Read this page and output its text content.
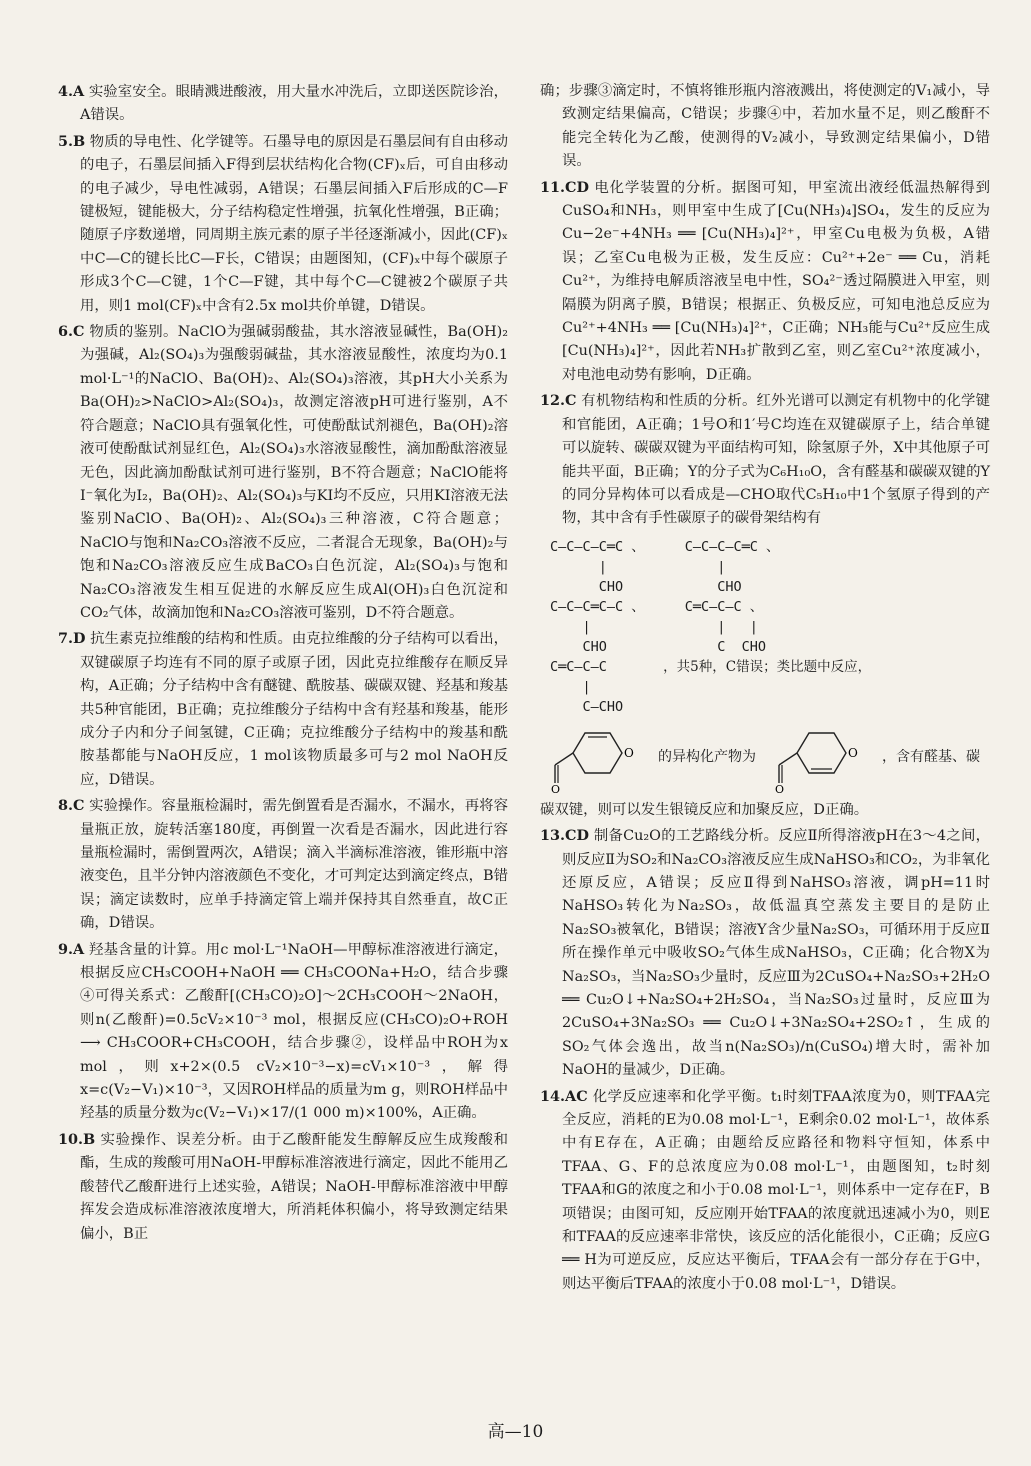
4.A 实验室安全。眼睛溅进酸液，用大量水冲洗后，立即送医院诊治，A错误。

5.B 物质的导电性、化学键等。石墨导电的原因是石墨层间有自由移动的电子，石墨层间插入F得到层状结构化合物(CF)ₓ后，可自由移动的电子减少，导电性减弱，A错误；石墨层间插入F后形成的C—F键极短，键能极大，分子结构稳定性增强，抗氧化性增强，B正确；随原子序数递增，同周期主族元素的原子半径逐渐减小，因此(CF)ₓ中C—C的键长比C—F长，C错误；由题图知，(CF)ₓ中每个碳原子形成3个C—C键，1个C—F键，其中每个C—C键被2个碳原子共用，则1 mol(CF)ₓ中含有2.5x mol共价单键，D错误。

6.C 物质的鉴别。NaClO为强碱弱酸盐，其水溶液显碱性，Ba(OH)₂为强碱，Al₂(SO₄)₃为强酸弱碱盐，其水溶液显酸性，浓度均为0.1 mol·L⁻¹的NaClO、Ba(OH)₂、Al₂(SO₄)₃溶液，其pH大小关系为Ba(OH)₂>NaClO>Al₂(SO₄)₃，故测定溶液pH可进行鉴别，A不符合题意；NaClO具有强氧化性，可使酚酞试剂褪色，Ba(OH)₂溶液可使酚酞试剂显红色，Al₂(SO₄)₃水溶液显酸性，滴加酚酞溶液显无色，因此滴加酚酞试剂可进行鉴别，B不符合题意；NaClO能将I⁻氧化为I₂，Ba(OH)₂、Al₂(SO₄)₃与KI均不反应，只用KI溶液无法鉴别NaClO、Ba(OH)₂、Al₂(SO₄)₃三种溶液，C符合题意；NaClO与饱和Na₂CO₃溶液不反应，二者混合无现象，Ba(OH)₂与饱和Na₂CO₃溶液反应生成BaCO₃白色沉淀，Al₂(SO₄)₃与饱和Na₂CO₃溶液发生相互促进的水解反应生成Al(OH)₃白色沉淀和CO₂气体，故滴加饱和Na₂CO₃溶液可鉴别，D不符合题意。

7.D 抗生素克拉维酸的结构和性质。由克拉维酸的分子结构可以看出，双键碳原子均连有不同的原子或原子团，因此克拉维酸存在顺反异构，A正确；分子结构中含有醚键、酰胺基、碳碳双键、羟基和羧基共5种官能团，B正确；克拉维酸分子结构中含有羟基和羧基，能形成分子内和分子间氢键，C正确；克拉维酸分子结构中的羧基和酰胺基都能与NaOH反应，1 mol该物质最多可与2 mol NaOH反应，D错误。

8.C 实验操作。容量瓶检漏时，需先倒置看是否漏水，不漏水，再将容量瓶正放，旋转活塞180度，再倒置一次看是否漏水，因此进行容量瓶检漏时，需倒置两次，A错误；滴入半滴标准溶液，锥形瓶中溶液变色，且半分钟内溶液颜色不变化，才可判定达到滴定终点，B错误；滴定读数时，应单手持滴定管上端并保持其自然垂直，故C正确，D错误。

9.A 羟基含量的计算。用c mol·L⁻¹NaOH—甲醇标准溶液进行滴定，根据反应CH₃COOH+NaOH ══ CH₃COONa+H₂O，结合步骤④可得关系式：乙酸酐[(CH₃CO)₂O]～2CH₃COOH～2NaOH，则n(乙酸酐)=0.5cV₂×10⁻³ mol，根据反应(CH₃CO)₂O+ROH ⟶ CH₃COOR+CH₃COOH，结合步骤②，设样品中ROH为x mol，则x+2×(0.5 cV₂×10⁻³−x)=cV₁×10⁻³，解得x=c(V₂−V₁)×10⁻³，又因ROH样品的质量为m g，则ROH样品中羟基的质量分数为c(V₂−V₁)×17/(1 000 m)×100%，A正确。

10.B 实验操作、误差分析。由于乙酸酐能发生醇解反应生成羧酸和酯，生成的羧酸可用NaOH-甲醇标准溶液进行滴定，因此不能用乙酸替代乙酸酐进行上述实验，A错误；NaOH-甲醇标准溶液中甲醇挥发会造成标准溶液浓度增大，所消耗体积偏小，将导致测定结果偏小，B正

确；步骤③滴定时，不慎将锥形瓶内溶液溅出，将使测定的V₁减小，导致测定结果偏高，C错误；步骤④中，若加水量不足，则乙酸酐不能完全转化为乙酸，使测得的V₂减小，导致测定结果偏小，D错误。

11.CD 电化学装置的分析。据图可知，甲室流出液经低温热解得到CuSO₄和NH₃，则甲室中生成了[Cu(NH₃)₄]SO₄，发生的反应为Cu−2e⁻+4NH₃ ══ [Cu(NH₃)₄]²⁺，甲室Cu电极为负极，A错误；乙室Cu电极为正极，发生反应：Cu²⁺+2e⁻ ══ Cu，消耗Cu²⁺，为维持电解质溶液呈电中性，SO₄²⁻透过隔膜进入甲室，则隔膜为阴离子膜，B错误；根据正、负极反应，可知电池总反应为Cu²⁺+4NH₃ ══ [Cu(NH₃)₄]²⁺，C正确；NH₃能与Cu²⁺反应生成[Cu(NH₃)₄]²⁺，因此若NH₃扩散到乙室，则乙室Cu²⁺浓度减小，对电池电动势有影响，D正确。

12.C 有机物结构和性质的分析。红外光谱可以测定有机物中的化学键和官能团，A正确；1号O和1′号C均连在双键碳原子上，结合单键可以旋转、碳碳双键为平面结构可知，除氢原子外，X中其他原子可能共平面，B正确；Y的分子式为C₆H₁₀O，含有醛基和碳碳双键的Y的同分异构体可以看成是—CHO取代C₅H₁₀中1个氢原子得到的产物，其中含有手性碳原子的碳骨架结构有

C—C—C—C═C 、
|
CHO
C—C—C—C═C 、
|
CHO
C—C—C═C—C 、
|
CHO
C═C—C—C 、
|   |
C  CHO
C═C—C—C
|
C—CHO
，共5种，C错误；类比题中反应，
O
O
的异构化产物为	O
O
，含有醛基、碳

碳双键，则可以发生银镜反应和加聚反应，D正确。

13.CD 制备Cu₂O的工艺路线分析。反应Ⅱ所得溶液pH在3～4之间，则反应Ⅱ为SO₂和Na₂CO₃溶液反应生成NaHSO₃和CO₂，为非氧化还原反应，A错误；反应Ⅱ得到NaHSO₃溶液，调pH=11时NaHSO₃转化为Na₂SO₃，故低温真空蒸发主要目的是防止Na₂SO₃被氧化，B错误；溶液Y含少量Na₂SO₃，可循环用于反应Ⅱ所在操作单元中吸收SO₂气体生成NaHSO₃，C正确；化合物X为Na₂SO₃，当Na₂SO₃少量时，反应Ⅲ为2CuSO₄+Na₂SO₃+2H₂O ══ Cu₂O↓+Na₂SO₄+2H₂SO₄，当Na₂SO₃过量时，反应Ⅲ为2CuSO₄+3Na₂SO₃ ══ Cu₂O↓+3Na₂SO₄+2SO₂↑，生成的SO₂气体会逸出，故当n(Na₂SO₃)/n(CuSO₄)增大时，需补加NaOH的量减少，D正确。

14.AC 化学反应速率和化学平衡。t₁时刻TFAA浓度为0，则TFAA完全反应，消耗的E为0.08 mol·L⁻¹，E剩余0.02 mol·L⁻¹，故体系中有E存在，A正确；由题给反应路径和物料守恒知，体系中TFAA、G、F的总浓度应为0.08 mol·L⁻¹，由题图知，t₂时刻TFAA和G的浓度之和小于0.08 mol·L⁻¹，则体系中一定存在F，B项错误；由图可知，反应刚开始TFAA的浓度就迅速减小为0，则E和TFAA的反应速率非常快，该反应的活化能很小，C正确；反应G ══ H为可逆反应，反应达平衡后，TFAA会有一部分存在于G中，则达平衡后TFAA的浓度小于0.08 mol·L⁻¹，D错误。

高—10
